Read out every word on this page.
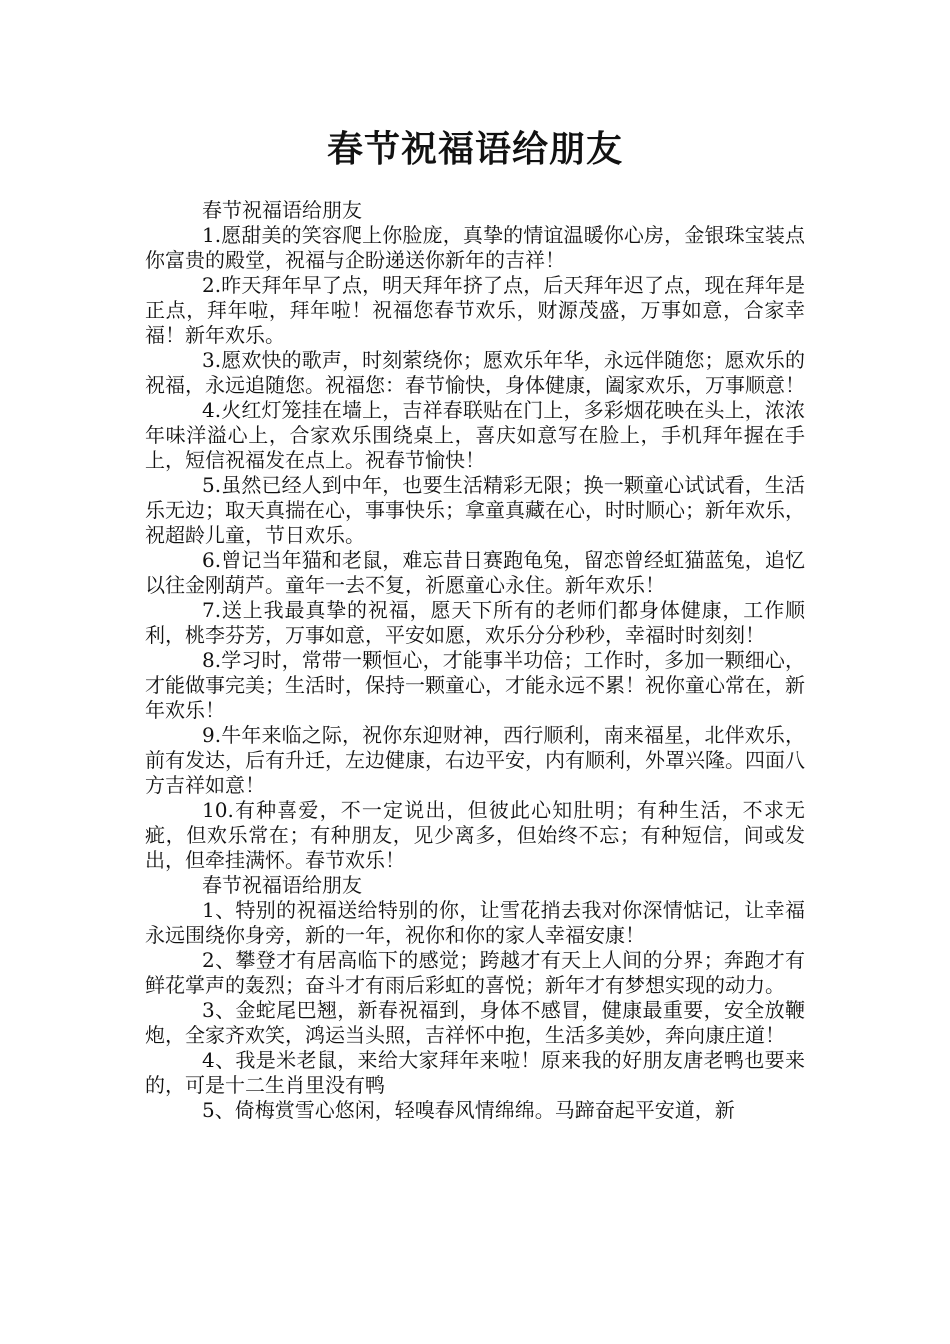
春节祝福语给朋友

春节祝福语给朋友

1.愿甜美的笑容爬上你脸庞，真挚的情谊温暖你心房，金银珠宝装点你富贵的殿堂，祝福与企盼递送你新年的吉祥！

2.昨天拜年早了点，明天拜年挤了点，后天拜年迟了点，现在拜年是正点，拜年啦，拜年啦！祝福您春节欢乐，财源茂盛，万事如意，合家幸福！新年欢乐。

3.愿欢快的歌声，时刻萦绕你；愿欢乐年华，永远伴随您；愿欢乐的祝福，永远追随您。祝福您：春节愉快，身体健康，阖家欢乐，万事顺意！

4.火红灯笼挂在墙上，吉祥春联贴在门上，多彩烟花映在头上，浓浓年味洋溢心上，合家欢乐围绕桌上，喜庆如意写在脸上，手机拜年握在手上，短信祝福发在点上。祝春节愉快！

5.虽然已经人到中年，也要生活精彩无限；换一颗童心试试看，生活乐无边；取天真揣在心，事事快乐；拿童真藏在心，时时顺心；新年欢乐，祝超龄儿童，节日欢乐。

6.曾记当年猫和老鼠，难忘昔日赛跑龟兔，留恋曾经虹猫蓝兔，追忆以往金刚葫芦。童年一去不复，祈愿童心永住。新年欢乐！

7.送上我最真挚的祝福，愿天下所有的老师们都身体健康，工作顺利，桃李芬芳，万事如意，平安如愿，欢乐分分秒秒，幸福时时刻刻！

8.学习时，常带一颗恒心，才能事半功倍；工作时，多加一颗细心，才能做事完美；生活时，保持一颗童心，才能永远不累！祝你童心常在，新年欢乐！

9.牛年来临之际，祝你东迎财神，西行顺利，南来福星，北伴欢乐，前有发达，后有升迁，左边健康，右边平安，内有顺利，外罩兴隆。四面八方吉祥如意！

10.有种喜爱，不一定说出，但彼此心知肚明；有种生活，不求无疵，但欢乐常在；有种朋友，见少离多，但始终不忘；有种短信，间或发出，但牵挂满怀。春节欢乐！

春节祝福语给朋友

1、特别的祝福送给特别的你，让雪花捎去我对你深情惦记，让幸福永远围绕你身旁，新的一年，祝你和你的家人幸福安康！

2、攀登才有居高临下的感觉；跨越才有天上人间的分界；奔跑才有鲜花掌声的轰烈；奋斗才有雨后彩虹的喜悦；新年才有梦想实现的动力。

3、金蛇尾巴翘，新春祝福到，身体不感冒，健康最重要，安全放鞭炮，全家齐欢笑，鸿运当头照，吉祥怀中抱，生活多美妙，奔向康庄道！

4、我是米老鼠，来给大家拜年来啦！原来我的好朋友唐老鸭也要来的，可是十二生肖里没有鸭

5、倚梅赏雪心悠闲，轻嗅春风情绵绵。马蹄奋起平安道，新
